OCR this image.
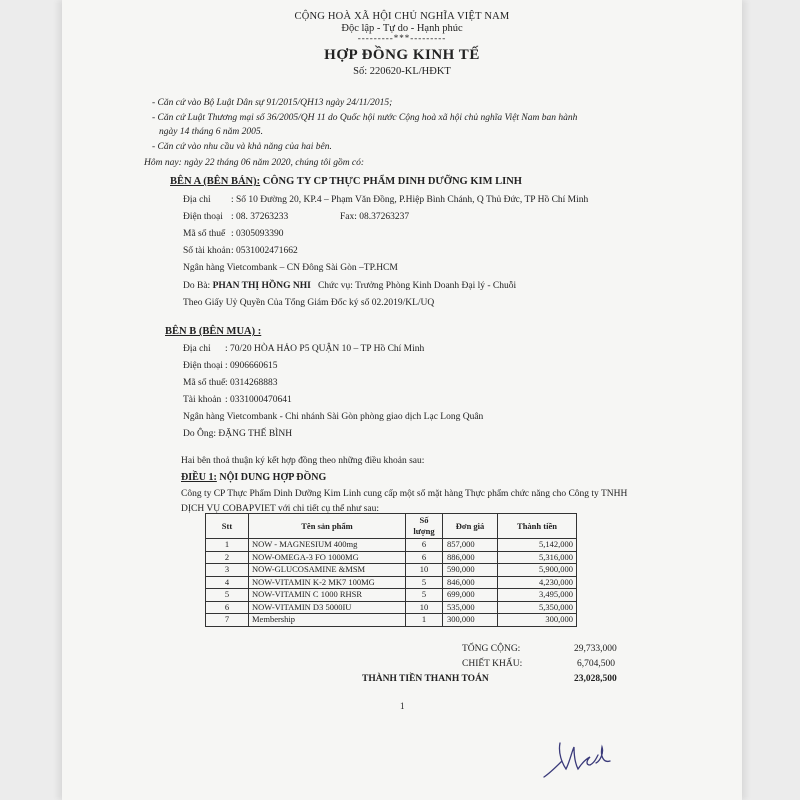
CỘNG HOÀ XÃ HỘI CHỦ NGHĨA VIỆT NAM
Độc lập - Tự do - Hạnh phúc
---------***---------
HỢP ĐỒNG KINH TẾ
Số: 220620-KL/HĐKT
- Căn cứ vào Bộ Luật Dân sự 91/2015/QH13 ngày 24/11/2015;
- Căn cứ Luật Thương mại số 36/2005/QH 11 do Quốc hội nước Cộng hoà xã hội chủ nghĩa Việt Nam ban hành
ngày 14 tháng 6 năm 2005.
- Căn cứ vào nhu cầu và khả năng của hai bên.
Hôm nay: ngày 22 tháng 06 năm 2020, chúng tôi gồm có:
BÊN A (BÊN BÁN): CÔNG TY CP THỰC PHẨM DINH DƯỠNG KIM LINH
Địa chỉ : Số 10 Đường 20, KP.4 – Phạm Văn Đồng, P.Hiệp Bình Chánh, Q Thủ Đức, TP Hồ Chí Minh
Điện thoại : 08. 37263233	Fax: 08.37263237
Mã số thuế : 0305093390
Số tài khoản : 0531002471662
Ngân hàng Vietcombank – CN Đông Sài Gòn –TP.HCM
Do Bà: PHAN THỊ HỒNG NHI Chức vụ: Trưởng Phòng Kinh Doanh Đại lý - Chuỗi
Theo Giấy Uỷ Quyền Của Tổng Giám Đốc ký số 02.2019/KL/UQ
BÊN B (BÊN MUA) :
Địa chỉ : 70/20 HÒA HẢO P5 QUẬN 10 – TP Hồ Chí Minh
Điện thoại : 0906660615
Mã số thuế : 0314268883
Tài khoản : 0331000470641
Ngân hàng Vietcombank - Chi nhánh Sài Gòn phòng giao dịch Lạc Long Quân
Do Ông: ĐẶNG THẾ BÌNH
Hai bên thoả thuận ký kết hợp đồng theo những điều khoản sau:
ĐIỀU 1: NỘI DUNG HỢP ĐỒNG
Công ty CP Thực Phẩm Dinh Dưỡng Kim Linh cung cấp một số mặt hàng Thực phẩm chức năng cho Công ty TNHH
DỊCH VỤ COBAPVIET với chi tiết cụ thể như sau:
Stt	Tên sản phẩm	Số lượng	Đơn giá	Thành tiền
1	NOW - MAGNESIUM 400mg	6	857,000	5,142,000
2	NOW-OMEGA-3 FO 1000MG	6	886,000	5,316,000
3	NOW-GLUCOSAMINE &MSM	10	590,000	5,900,000
4	NOW-VITAMIN K-2 MK7 100MG	5	846,000	4,230,000
5	NOW-VITAMIN C 1000 RHSR	5	699,000	3,495,000
6	NOW-VITAMIN D3 5000IU	10	535,000	5,350,000
7	Membership	1	300,000	300,000
TỔNG CỘNG:	29,733,000
CHIẾT KHẤU:	6,704,500
THÀNH TIỀN THANH TOÁN	23,028,500
1
